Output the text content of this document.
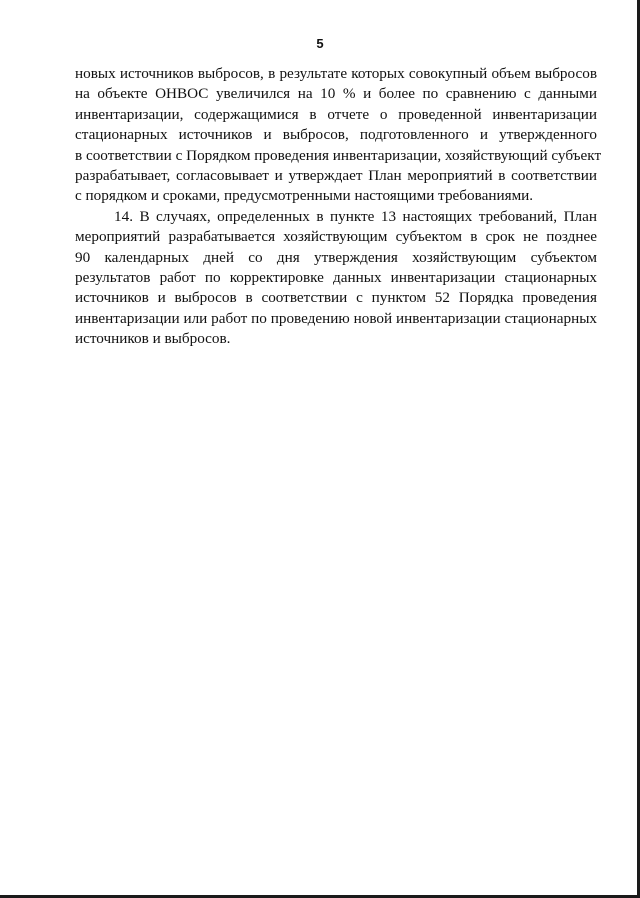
5
новых источников выбросов, в результате которых совокупный объем выбросов
на объекте ОНВОС увеличился на 10 % и более по сравнению с данными
инвентаризации, содержащимися в отчете о проведенной инвентаризации
стационарных источников и выбросов, подготовленного и утвержденного
в соответствии с Порядком проведения инвентаризации, хозяйствующий субъект
разрабатывает, согласовывает и утверждает План мероприятий в соответствии
с порядком и сроками, предусмотренными настоящими требованиями.
14. В случаях, определенных в пункте 13 настоящих требований, План
мероприятий разрабатывается хозяйствующим субъектом в срок не позднее
90 календарных дней со дня утверждения хозяйствующим субъектом
результатов работ по корректировке данных инвентаризации стационарных
источников и выбросов в соответствии с пунктом 52 Порядка проведения
инвентаризации или работ по проведению новой инвентаризации стационарных
источников и выбросов.
